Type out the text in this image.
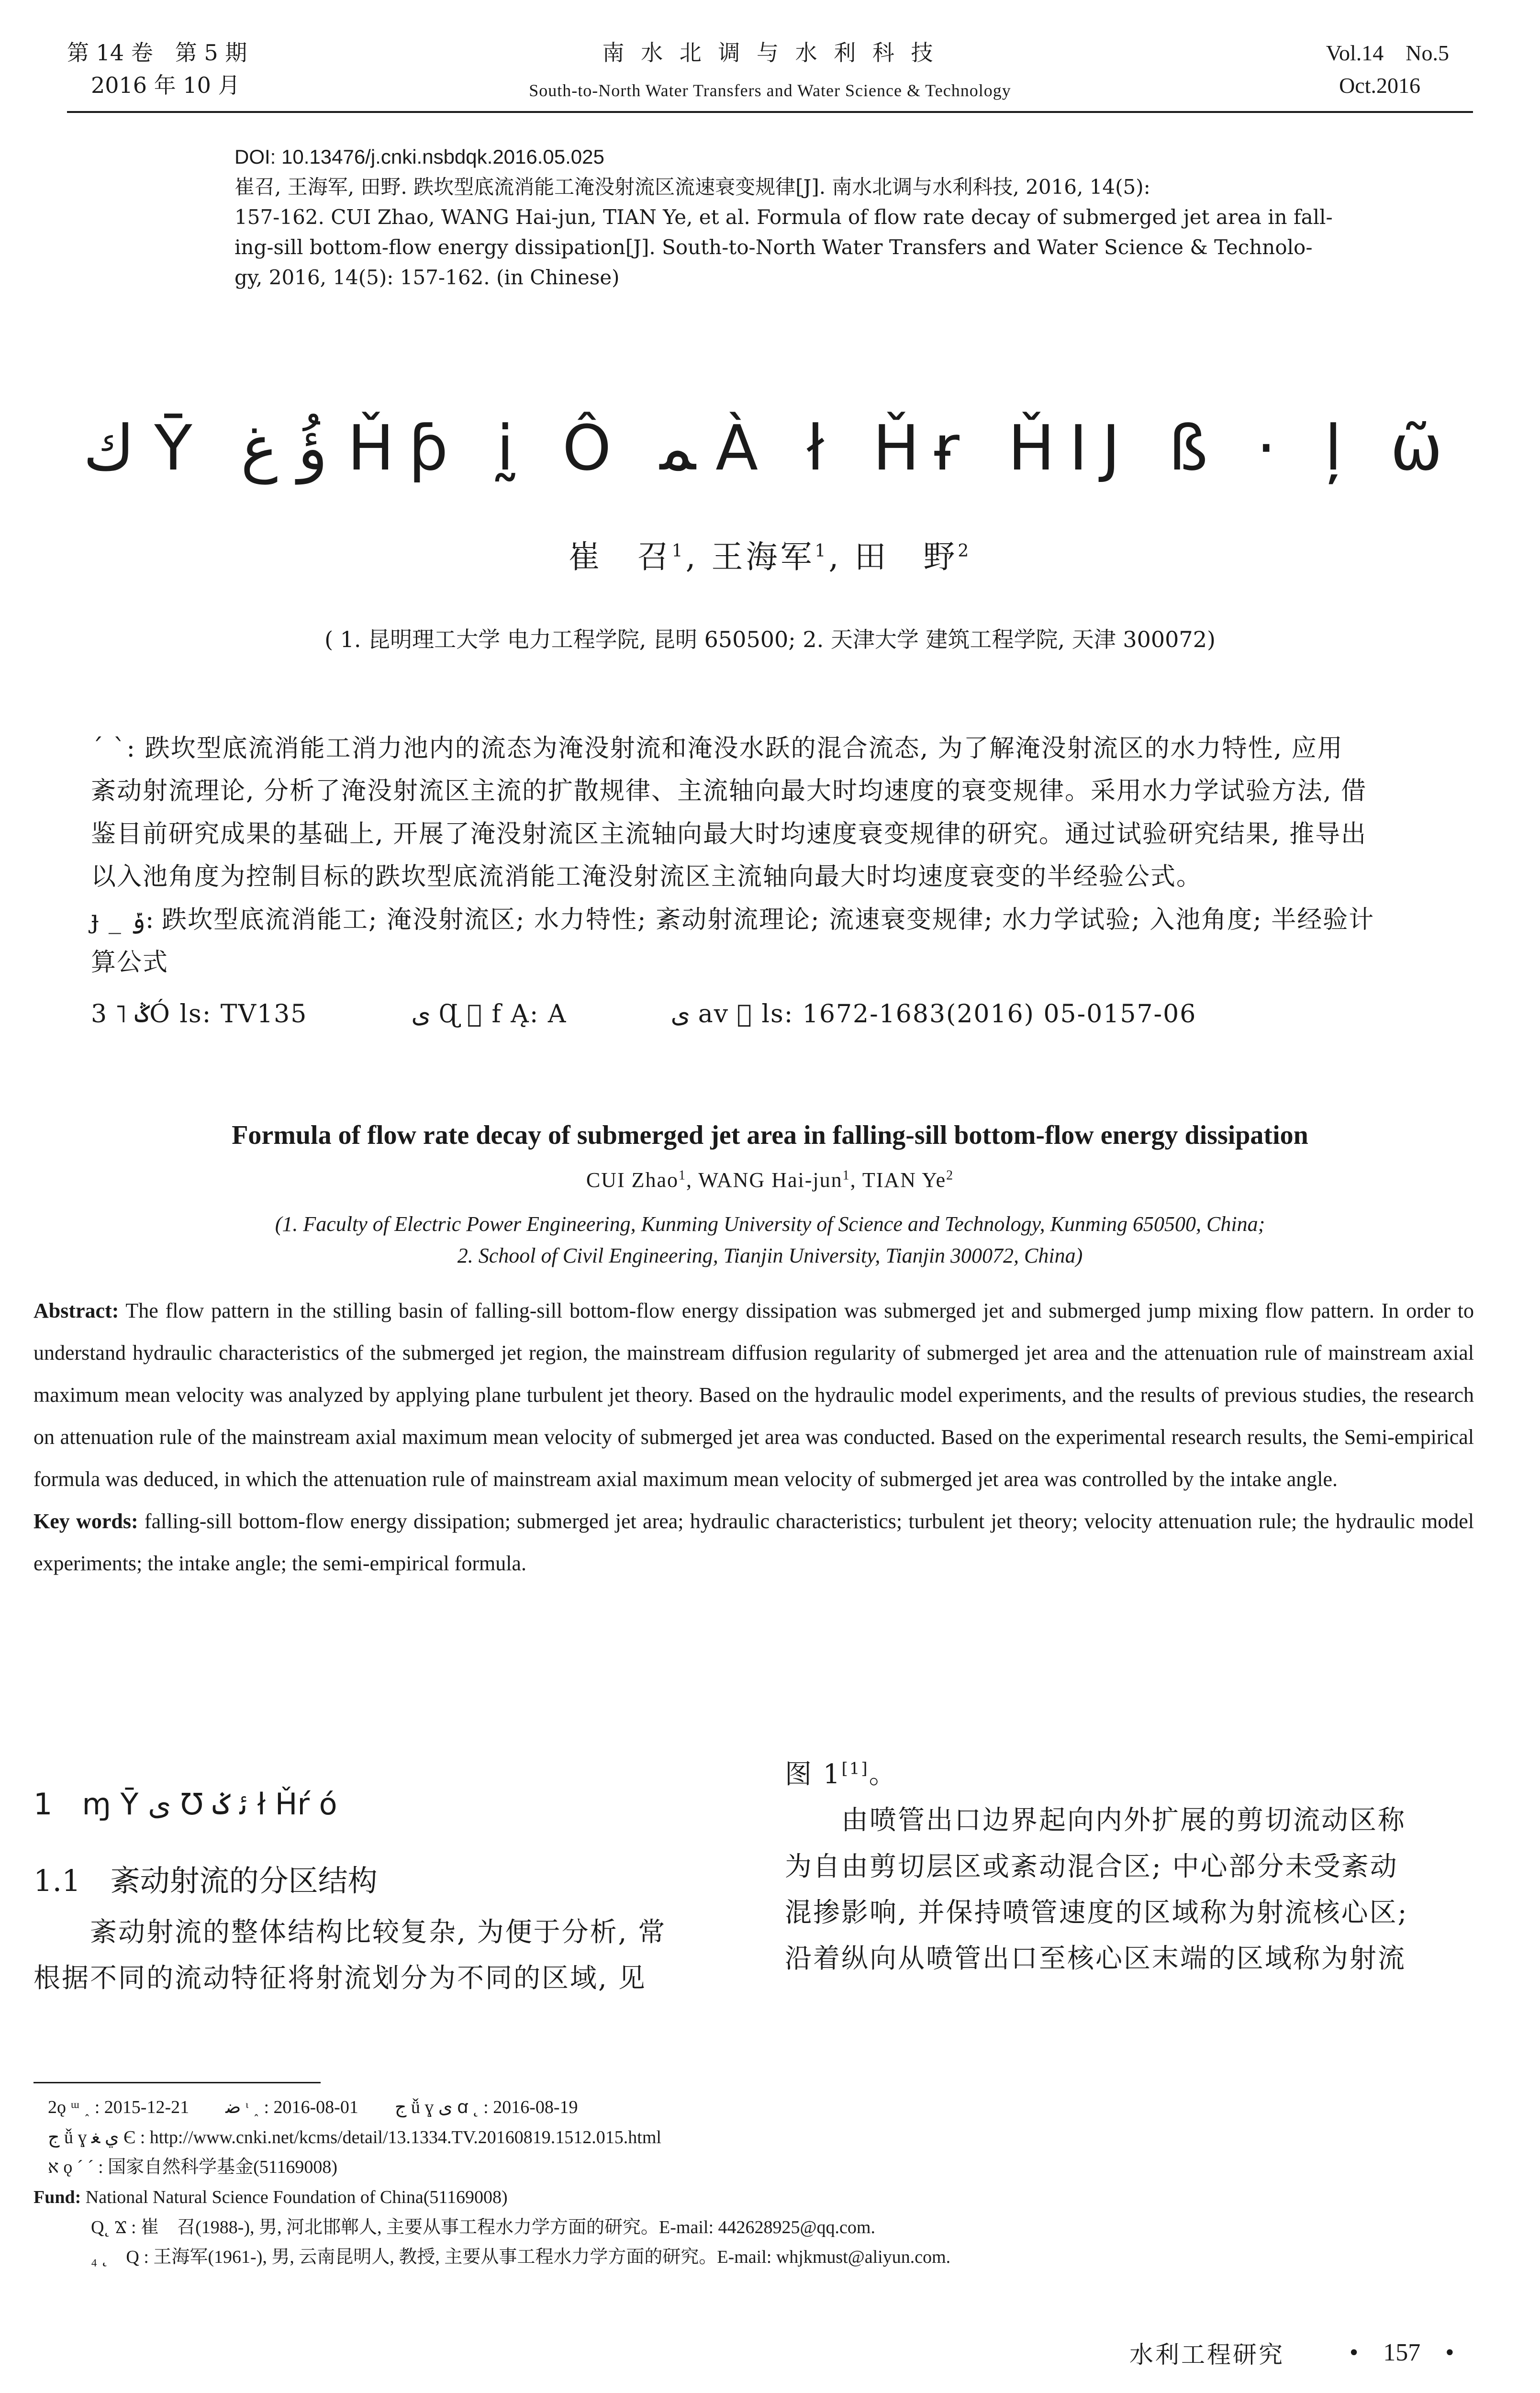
第 14 卷　第 5 期
2016 年 10 月
南 水 北 调 与 水 利 科 技
South-to-North Water Transfers and Water Science & Technology
Vol.14　No.5
Oct.2016
DOI: 10.13476/j.cnki.nsbdqk.2016.05.025
崔召, 王海军, 田野. 跌坎型底流消能工淹没射流区流速衰变规律[J]. 南水北调与水利科技, 2016, 14(5):
157-162. CUI Zhao, WANG Hai-jun, TIAN Ye, et al. Formula of flow rate decay of submerged jet area in fall-
ing-sill bottom-flow energy dissipation[J]. South-to-North Water Transfers and Water Science & Technolo-
gy, 2016, 14(5): 157-162. (in Chinese)
ﻙ Ȳ ؤُ ﻍ Ȟƥ ḭ Ô ﻤ À ł Ȟɍ ȞIJ ß · ļ ῶ
崔　召$^1$, 王海军$^1$, 田　野$^2$
( 1. 昆明理工大学 电力工程学院, 昆明 650500; 2. 天津大学 建筑工程学院, 天津 300072)
ˊ ˋ: 跌坎型底流消能工消力池内的流态为淹没射流和淹没水跃的混合流态, 为了解淹没射流区的水力特性, 应用
紊动射流理论, 分析了淹没射流区主流的扩散规律、主流轴向最大时均速度的衰变规律。采用水力学试验方法, 借
鉴目前研究成果的基础上, 开展了淹没射流区主流轴向最大时均速度衰变规律的研究。通过试验研究结果, 推导出
以入池角度为控制目标的跌坎型底流消能工淹没射流区主流轴向最大时均速度衰变的半经验公式。
ɟ _ ݹ: 跌坎型底流消能工; 淹没射流区; 水力特性; 紊动射流理论; 流速衰变规律; 水力学试验; 入池角度; 半经验计
算公式
3 ˥ ݣÓ ls: TV135	ى Ɋ ⃞ f Ą: A	ى av ⃞ ls: 1672-1683(2016) 05-0157-06
Formula of flow rate decay of submerged jet area in falling-sill bottom-flow energy dissipation
CUI Zhao$^1$, WANG Hai-jun$^1$, TIAN Ye$^2$
(1. Faculty of Electric Power Engineering, Kunming University of Science and Technology, Kunming 650500, China;
2. School of Civil Engineering, Tianjin University, Tianjin 300072, China)
Abstract: The flow pattern in the stilling basin of falling-sill bottom-flow energy dissipation was submerged jet and submerged jump mixing flow pattern. In order to understand hydraulic characteristics of the submerged jet region, the mainstream diffusion regularity of submerged jet area and the attenuation rule of mainstream axial maximum mean velocity was analyzed by applying plane turbulent jet theory. Based on the hydraulic model experiments, and the results of previous studies, the research on attenuation rule of the mainstream axial maximum mean velocity of submerged jet area was conducted. Based on the experimental research results, the Semi-empirical formula was deduced, in which the attenuation rule of mainstream axial maximum mean velocity of submerged jet area was controlled by the intake angle.
Key words: falling-sill bottom-flow energy dissipation; submerged jet area; hydraulic characteristics; turbulent jet theory; velocity attenuation rule; the hydraulic model experiments; the intake angle; the semi-empirical formula.
1　ɱ Ȳ ى Ʊ ﺋ ݢ ł Ȟŕ ó
1.1　紊动射流的分区结构
　　紊动射流的整体结构比较复杂, 为便于分析, 常
根据不同的流动特征将射流划分为不同的区域, 见
图 1[1]。
　　由喷管出口边界起向内外扩展的剪切流动区称
为自由剪切层区或紊动混合区; 中心部分未受紊动
混掺影响, 并保持喷管速度的区域称为射流核心区;
沿着纵向从喷管出口至核心区末端的区域称为射流
2ǫ ᵚ ˰ : 2015-12-21　　ﺿ ᶥ ˰ : 2016-08-01　　ﺝ ǚ ɣ ى ꭤ ˛ : 2016-08-19
ﺝ ǚ ɣ ي ﻐ Є : http://www.cnki.net/kcms/detail/13.1334.TV.20160819.1512.015.html
ﬡ ǫ ˊ ˊ : 国家自然科学基金(51169008)
Fund: National Natural Science Foundation of China(51169008)
Q˛ Ϫ : 崔　召(1988-), 男, 河北邯郸人, 主要从事工程水力学方面的研究。E-mail: 442628925@qq.com.
₄ ˛　Q : 王海军(1961-), 男, 云南昆明人, 教授, 主要从事工程水力学方面的研究。E-mail: whjkmust@aliyun.com.
水利工程研究	•　157　•
